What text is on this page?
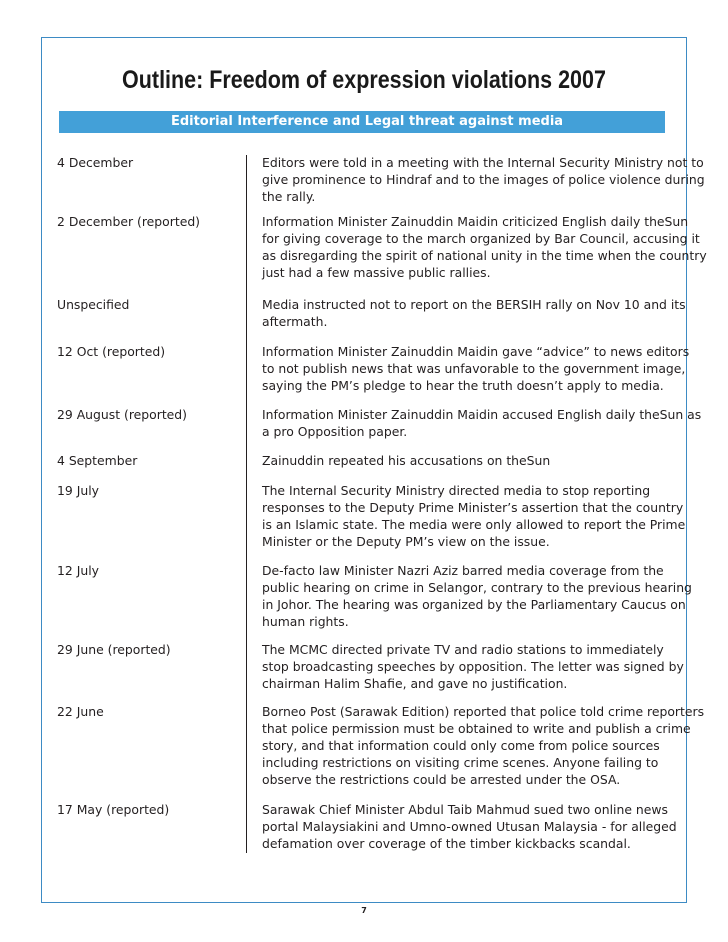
Outline: Freedom of expression violations 2007
Editorial Interference and Legal threat against media
4 December	Editors were told in a meeting with the Internal Security Ministry not to
give prominence to Hindraf and to the images of police violence during
the rally.
2 December (reported)	Information Minister Zainuddin Maidin criticized English daily theSun
for giving coverage to the march organized by Bar Council, accusing it
as disregarding the spirit of national unity in the time when the country
just had a few massive public rallies.
Unspecified	Media instructed not to report on the BERSIH rally on Nov 10 and its
aftermath.
12 Oct (reported)	Information Minister Zainuddin Maidin gave “advice” to news editors
to not publish news that was unfavorable to the government image,
saying the PM’s pledge to hear the truth doesn’t apply to media.
29 August (reported)	Information Minister Zainuddin Maidin accused English daily theSun as
a pro Opposition paper.
4 September	Zainuddin repeated his accusations on theSun
19 July	The Internal Security Ministry directed media to stop reporting
responses to the Deputy Prime Minister’s assertion that the country
is an Islamic state. The media were only allowed to report the Prime
Minister or the Deputy PM’s view on the issue.
12 July	De-facto law Minister Nazri Aziz barred media coverage from the
public hearing on crime in Selangor, contrary to the previous hearing
in Johor. The hearing was organized by the Parliamentary Caucus on
human rights.
29 June (reported)	The MCMC directed private TV and radio stations to immediately
stop broadcasting speeches by opposition. The letter was signed by
chairman Halim Shafie, and gave no justification.
22 June	Borneo Post (Sarawak Edition) reported that police told crime reporters
that police permission must be obtained to write and publish a crime
story, and that information could only come from police sources
including restrictions on visiting crime scenes. Anyone failing to
observe the restrictions could be arrested under the OSA.
17 May (reported)	Sarawak Chief Minister Abdul Taib Mahmud sued two online news
portal Malaysiakini and Umno-owned Utusan Malaysia - for alleged
defamation over coverage of the timber kickbacks scandal.
7
